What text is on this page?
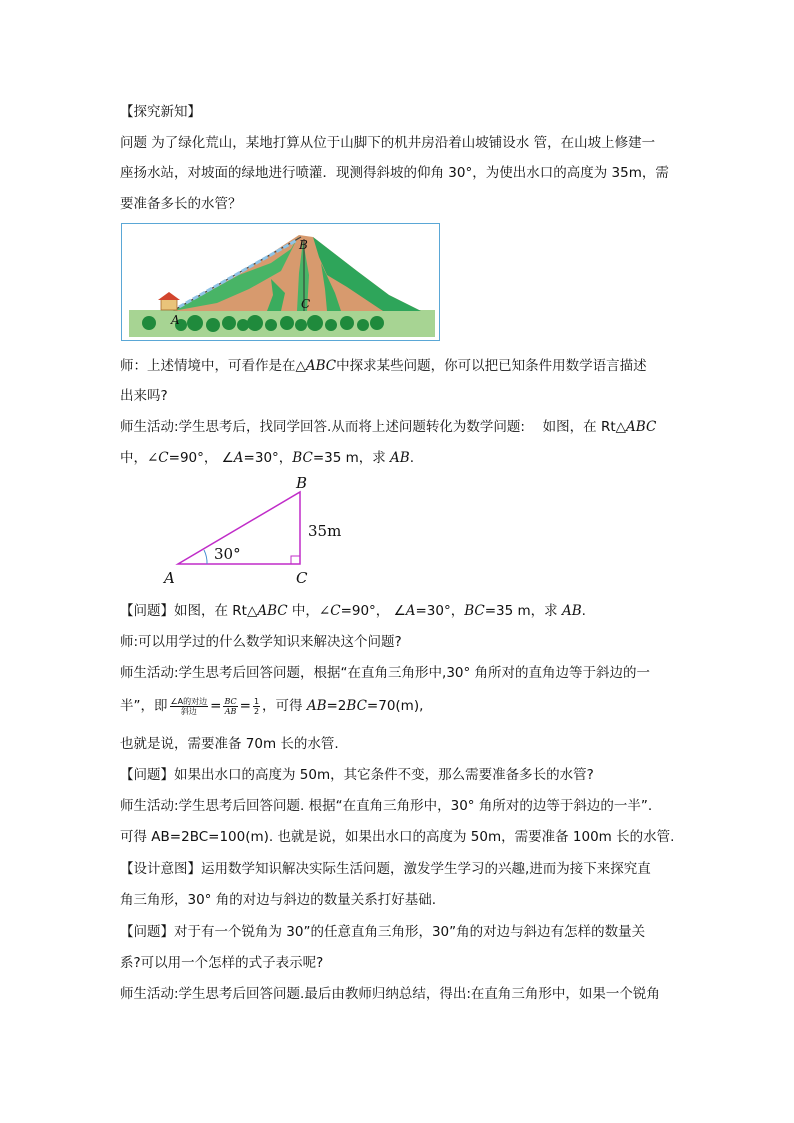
【探究新知】
问题 为了绿化荒山，某地打算从位于山脚下的机井房沿着山坡铺设水 管，在山坡上修建一
座扬水站，对坡面的绿地进行喷灌．现测得斜坡的仰角 30°，为使出水口的高度为 35m，需
要准备多长的水管？
A
B
C
师：上述情境中，可看作是在△ABC中探求某些问题，你可以把已知条件用数学语言描述
出来吗?
师生活动:学生思考后，找同学回答.从而将上述问题转化为数学问题:　 如图，在 Rt△ABC
中，∠C=90°， ∠A=30°，BC=35 m，求 AB.
30°
35m
A
B
C
【问题】如图，在 Rt△ABC 中，∠C=90°， ∠A=30°，BC=35 m，求 AB.
师:可以用学过的什么数学知识来解决这个问题?
师生活动:学生思考后回答问题，根据“在直角三角形中,30° 角所对的直角边等于斜边的一
半”，即 $\frac{\text{∠A的对边}}{\text{斜边}} = \frac{BC}{AB} = \frac{1}{2}$ ，可得 AB=2BC=70(m),
也就是说，需要准备 70m 长的水管.
【问题】如果出水口的高度为 50m，其它条件不变，那么需要准备多长的水管?
师生活动:学生思考后回答问题. 根据“在直角三角形中，30° 角所对的边等于斜边的一半”.
可得 AB=2BC=100(m). 也就是说，如果出水口的高度为 50m，需要准备 100m 长的水管.
【设计意图】运用数学知识解决实际生活问题，激发学生学习的兴趣,进而为接下来探究直
角三角形，30° 角的对边与斜边的数量关系打好基础.
【问题】对于有一个锐角为 30”的任意直角三角形，30”角的对边与斜边有怎样的数量关
系?可以用一个怎样的式子表示呢?
师生活动:学生思考后回答问题.最后由教师归纳总结，得出:在直角三角形中，如果一个锐角
